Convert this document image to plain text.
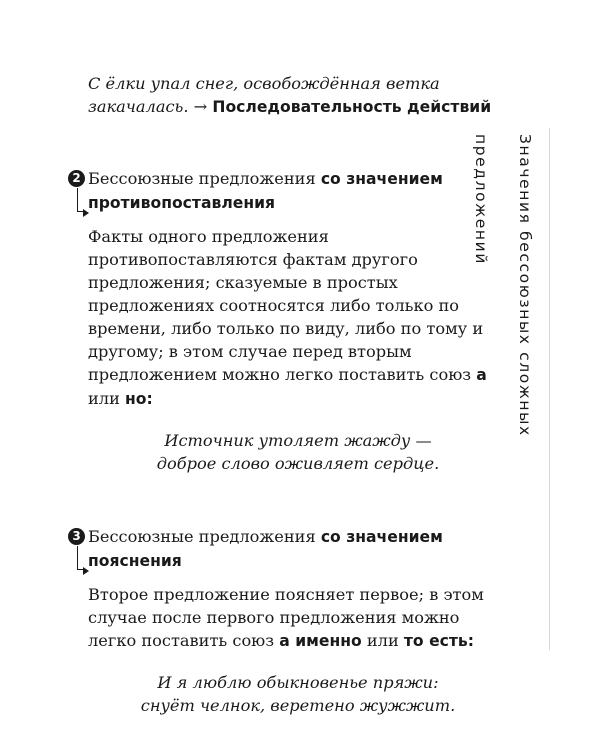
С ёлки упал снег, освобождённая ветка закачалась. → Последовательность действий

2 Бессоюзные предложения со значением противопоставления

Факты одного предложения противопоставляются фактам другого предложения; сказуемые в простых предложениях соотносятся либо только по времени, либо только по виду, либо по тому и другому; в этом случае перед вторым предложением можно легко поставить союз а или но:

Источник утоляет жажду —
доброе слово оживляет сердце.

3 Бессоюзные предложения со значением пояснения

Второе предложение поясняет первое; в этом случае после первого предложения можно легко поставить союз а именно или то есть:

И я люблю обыкновенье пряжи:
снуёт челнок, веретено жужжит.

Значения бессоюзных сложных предложений
